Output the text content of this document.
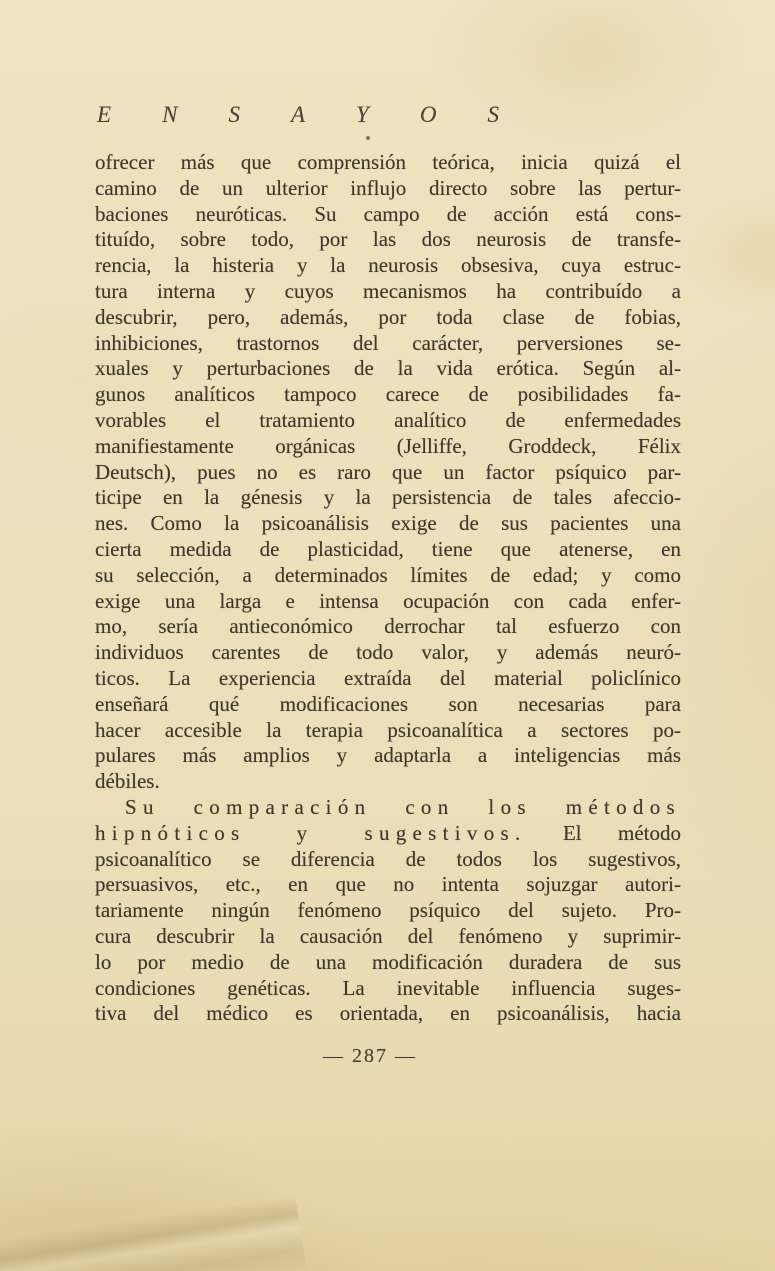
E N S A Y O S
ofrecer más que comprensión teórica, inicia quizá el
camino de un ulterior influjo directo sobre las pertur-
baciones neuróticas. Su campo de acción está cons-
tituído, sobre todo, por las dos neurosis de transfe-
rencia, la histeria y la neurosis obsesiva, cuya estruc-
tura interna y cuyos mecanismos ha contribuído a
descubrir, pero, además, por toda clase de fobias,
inhibiciones, trastornos del carácter, perversiones se-
xuales y perturbaciones de la vida erótica. Según al-
gunos analíticos tampoco carece de posibilidades fa-
vorables el tratamiento analítico de enfermedades
manifiestamente orgánicas (Jelliffe, Groddeck, Félix
Deutsch), pues no es raro que un factor psíquico par-
ticipe en la génesis y la persistencia de tales afeccio-
nes. Como la psicoanálisis exige de sus pacientes una
cierta medida de plasticidad, tiene que atenerse, en
su selección, a determinados límites de edad; y como
exige una larga e intensa ocupación con cada enfer-
mo, sería antieconómico derrochar tal esfuerzo con
individuos carentes de todo valor, y además neuró-
ticos. La experiencia extraída del material policlínico
enseñará qué modificaciones son necesarias para
hacer accesible la terapia psicoanalítica a sectores po-
pulares más amplios y adaptarla a inteligencias más
débiles.
Su comparación con los métodos
hipnóticos y sugestivos. El método
psicoanalítico se diferencia de todos los sugestivos,
persuasivos, etc., en que no intenta sojuzgar autori-
tariamente ningún fenómeno psíquico del sujeto. Pro-
cura descubrir la causación del fenómeno y suprimir-
lo por medio de una modificación duradera de sus
condiciones genéticas. La inevitable influencia suges-
tiva del médico es orientada, en psicoanálisis, hacia
— 287 —
